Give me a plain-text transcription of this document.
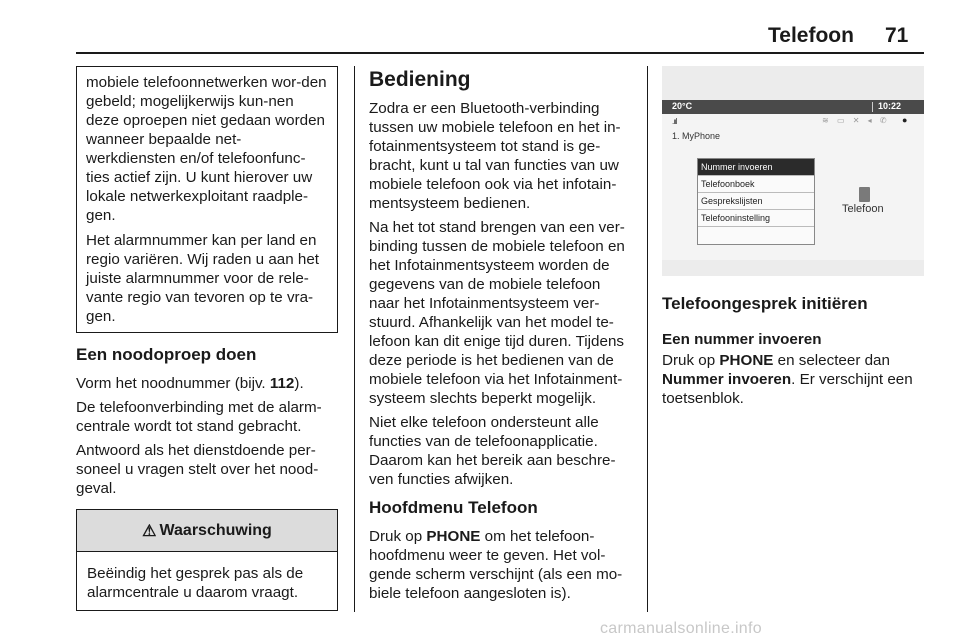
Telefoon 71

mobiele telefoonnetwerken wor-den gebeld; mogelijkerwijs kun-nen deze oproepen niet gedaan worden wanneer bepaalde net-werkdiensten en/of telefoonfunc-ties actief zijn. U kunt hierover uw lokale netwerkexploitant raadple-gen.

Het alarmnummer kan per land en regio variëren. Wij raden u aan het juiste alarmnummer voor de rele-vante regio van tevoren op te vra-gen.

Een noodoproep doen

Vorm het noodnummer (bijv. 112).

De telefoonverbinding met de alarm-centrale wordt tot stand gebracht.

Antwoord als het dienstdoende per-soneel u vragen stelt over het nood-geval.

⚠ Waarschuwing

Beëindig het gesprek pas als de alarmcentrale u daarom vraagt.

Bediening

Zodra er een Bluetooth-verbinding tussen uw mobiele telefoon en het in-fotainmentsysteem tot stand is ge-bracht, kunt u tal van functies van uw mobiele telefoon ook via het infotain-mentsysteem bedienen.

Na het tot stand brengen van een ver-binding tussen de mobiele telefoon en het Infotainmentsysteem worden de gegevens van de mobiele telefoon naar het Infotainmentsysteem ver-stuurd. Afhankelijk van het model te-lefoon kan dit enige tijd duren. Tijdens deze periode is het bedienen van de mobiele telefoon via het Infotainment-systeem slechts beperkt mogelijk.

Niet elke telefoon ondersteunt alle functies van de telefoonapplicatie. Daarom kan het bereik aan beschre-ven functies afwijken.

Hoofdmenu Telefoon

Druk op PHONE om het telefoon-hoofdmenu weer te geven. Het vol-gende scherm verschijnt (als een mo-biele telefoon aangesloten is).

20°C	10:22
.ııl	≋ ▭ ✕ ◂ ✆ ●
1. MyPhone
Nummer invoeren
Telefoonboek
Gesprekslijsten
Telefooninstelling
Telefoon
Telefoongesprek initiëren
Een nummer invoeren

Druk op PHONE en selecteer dan Nummer invoeren. Er verschijnt een toetsenblok.

carmanualsonline.info
